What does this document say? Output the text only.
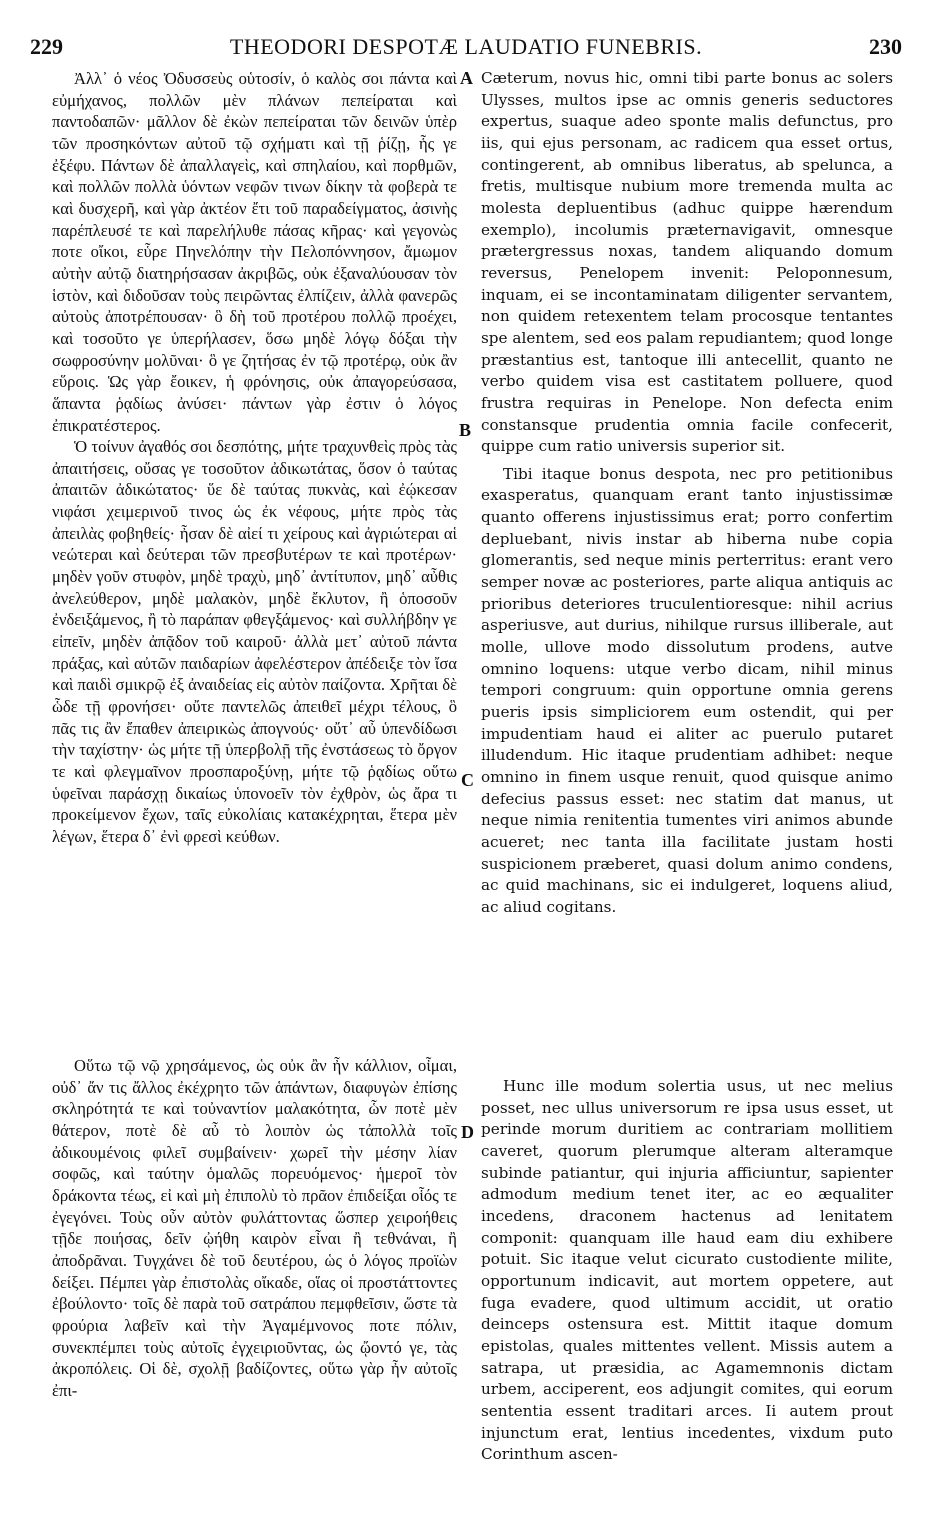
229	THEODORI DESPOTÆ LAUDATIO FUNEBRIS.	230

Ἀλλ᾿ ὁ νέος Ὀδυσσεὺς οὑτοσίν, ὁ καλὸς σοι πάντα καὶ εὐμήχανος, πολλῶν μὲν πλάνων πεπείραται καὶ παντοδαπῶν· μᾶλλον δὲ ἐκὼν πεπείραται τῶν δεινῶν ὑπὲρ τῶν προσηκόντων αὐτοῦ τῷ σχήματι καὶ τῇ ῥίζῃ, ἧς γε ἐξέφυ. Πάντων δὲ ἀπαλλαγεὶς, καὶ σπηλαίου, καὶ πορθμῶν, καὶ πολλῶν πολλὰ ὑόντων νεφῶν τινων δίκην τὰ φοβερὰ τε καὶ δυσχερῆ, καὶ γὰρ ἀκτέον ἔτι τοῦ παραδείγματος, ἀσινὴς παρέπλευσέ τε καὶ παρελήλυθε πάσας κῆρας· καὶ γεγονὼς ποτε οἴκοι, εὗρε Πηνελόπην τὴν Πελοπόννησον, ἄμωμον αὐτὴν αὐτῷ διατηρήσασαν ἀκριβῶς, οὐκ ἐξαναλύουσαν τὸν ἱστὸν, καὶ διδοῦσαν τοὺς πειρῶντας ἐλπίζειν, ἀλλὰ φανερῶς αὐτοὺς ἀποτρέπουσαν· ὃ δὴ τοῦ προτέρου πολλῷ προέχει, καὶ τοσοῦτο γε ὑπερήλασεν, ὅσω μηδὲ λόγῳ δόξαι τὴν σωφροσύνην μολῦναι· ὃ γε ζητήσας ἐν τῷ προτέρῳ, οὐκ ἂν εὕροις. Ὡς γὰρ ἔοικεν, ἡ φρόνησις, οὐκ ἀπαγορεύσασα, ἅπαντα ῥᾳδίως ἀνύσει· πάντων γὰρ ἐστιν ὁ λόγος ἐπικρατέστερος.

Ὁ τοίνυν ἀγαθός σοι δεσπότης, μήτε τραχυνθεὶς πρὸς τὰς ἀπαιτήσεις, οὔσας γε τοσοῦτον ἀδικωτάτας, ὅσον ὁ ταύτας ἀπαιτῶν ἀδικώτατος· ὕε δὲ ταύτας πυκνὰς, καὶ ἐῴκεσαν νιφάσι χειμερινοῦ τινος ὡς ἐκ νέφους, μήτε πρὸς τὰς ἀπειλὰς φοβηθείς· ἦσαν δὲ αἰεί τι χείρους καὶ ἀγριώτεραι αἱ νεώτεραι καὶ δεύτεραι τῶν πρεσβυτέρων τε καὶ προτέρων· μηδὲν γοῦν στυφὸν, μηδὲ τραχὺ, μηδ᾿ ἀντίτυπον, μηδ᾿ αὖθις ἀνελεύθερον, μηδὲ μαλακὸν, μηδὲ ἔκλυτον, ἢ ὁποσοῦν ἐνδειξάμενος, ἢ τὸ παράπαν φθεγξάμενος· καὶ συλλήβδην γε εἰπεῖν, μηδὲν ἀπᾷδον τοῦ καιροῦ· ἀλλὰ μετ᾿ αὐτοῦ πάντα πράξας, καὶ αὐτῶν παιδαρίων ἀφελέστερον ἀπέδειξε τὸν ἴσα καὶ παιδὶ σμικρῷ ἐξ ἀναιδείας εἰς αὐτὸν παίζοντα. Χρῆται δὲ ὧδε τῇ φρονήσει· οὔτε παντελῶς ἀπειθεῖ μέχρι τέλους, ὃ πᾶς τις ἂν ἔπαθεν ἀπειρικὼς ἀπογνούς· οὔτ᾿ αὖ ὑπενδίδωσι τὴν ταχίστην· ὡς μήτε τῇ ὑπερβολῇ τῆς ἐνστάσεως τὸ ὄργον τε καὶ φλεγμαῖνον προσπαροξύνῃ, μήτε τῷ ῥᾳδίως οὕτω ὑφεῖναι παράσχῃ δικαίως ὑπονοεῖν τὸν ἐχθρὸν, ὡς ἄρα τι προκείμενον ἔχων, ταῖς εὐκολίαις κατακέχρηται, ἕτερα μὲν λέγων, ἕτερα δ᾿ ἐνὶ φρεσὶ κεύθων.

Οὕτω τῷ νῷ χρησάμενος, ὡς οὐκ ἂν ἦν κάλλιον, οἶμαι, οὐδ᾿ ἄν τις ἄλλος ἐκέχρητο τῶν ἁπάντων, διαφυγὼν ἐπίσης σκληρότητά τε καὶ τοὐναντίον μαλακότητα, ὧν ποτὲ μὲν θάτερον, ποτὲ δὲ αὖ τὸ λοιπὸν ὡς τἀπολλὰ τοῖς ἀδικουμένοις φιλεῖ συμβαίνειν· χωρεῖ τὴν μέσην λίαν σοφῶς, καὶ ταύτην ὁμαλῶς πορευόμενος· ἡμεροῖ τὸν δράκοντα τέως, εἰ καὶ μὴ ἐπιπολὺ τὸ πρᾶον ἐπιδείξαι οἷός τε ἐγεγόνει. Τοὺς οὖν αὐτὸν φυλάττοντας ὥσπερ χειροήθεις τῇδε ποιήσας, δεῖν ᾠήθη καιρὸν εἶναι ἢ τεθνάναι, ἢ ἀποδρᾶναι. Τυγχάνει δὲ τοῦ δευτέρου, ὡς ὁ λόγος προϊὼν δείξει. Πέμπει γὰρ ἐπιστολὰς οἴκαδε, οἵας οἱ προστάττοντες ἐβούλοντο· τοῖς δὲ παρὰ τοῦ σατράπου πεμφθεῖσιν, ὥστε τὰ φρούρια λαβεῖν καὶ τὴν Ἀγαμέμνονος ποτε πόλιν, συνεκπέμπει τοὺς αὐτοῖς ἐγχειριοῦντας, ὡς ᾤοντό γε, τὰς ἀκροπόλεις. Οἱ δὲ, σχολῇ βαδίζοντες, οὕτω γὰρ ἦν αὐτοῖς ἐπι-

A
B
C
D

Cæterum, novus hic, omni tibi parte bonus ac solers Ulysses, multos ipse ac omnis generis seductores expertus, suaque adeo sponte malis defunctus, pro iis, qui ejus personam, ac radicem qua esset ortus, contingerent, ab omnibus liberatus, ab spelunca, a fretis, multisque nubium more tremenda multa ac molesta depluentibus (adhuc quippe hærendum exemplo), incolumis præternavigavit, omnesque prætergressus noxas, tandem aliquando domum reversus, Penelopem invenit: Peloponnesum, inquam, ei se incontaminatam diligenter servantem, non quidem retexentem telam procosque tentantes spe alentem, sed eos palam repudiantem; quod longe præstantius est, tantoque illi antecellit, quanto ne verbo quidem visa est castitatem polluere, quod frustra requiras in Penelope. Non defecta enim constansque prudentia omnia facile confecerit, quippe cum ratio universis superior sit.

Tibi itaque bonus despota, nec pro petitionibus exasperatus, quanquam erant tanto injustissimæ quanto offerens injustissimus erat; porro confertim depluebant, nivis instar ab hiberna nube copia glomerantis, sed neque minis perterritus: erant vero semper novæ ac posteriores, parte aliqua antiquis ac prioribus deteriores truculentioresque: nihil acrius asperiusve, aut durius, nihilque rursus illiberale, aut molle, ullove modo dissolutum prodens, autve omnino loquens: utque verbo dicam, nihil minus tempori congruum: quin opportune omnia gerens pueris ipsis simpliciorem eum ostendit, qui per impudentiam haud ei aliter ac puerulo putaret illudendum. Hic itaque prudentiam adhibet: neque omnino in finem usque renuit, quod quisque animo defecius passus esset: nec statim dat manus, ut neque nimia renitentia tumentes viri animos abunde acueret; nec tanta illa facilitate justam hosti suspicionem præberet, quasi dolum animo condens, ac quid machinans, sic ei indulgeret, loquens aliud, ac aliud cogitans.

Hunc ille modum solertia usus, ut nec melius posset, nec ullus universorum re ipsa usus esset, ut perinde morum duritiem ac contrariam mollitiem caveret, quorum plerumque alteram alteramque subinde patiantur, qui injuria afficiuntur, sapienter admodum medium tenet iter, ac eo æqualiter incedens, draconem hactenus ad lenitatem componit: quanquam ille haud eam diu exhibere potuit. Sic itaque velut cicurato custodiente milite, opportunum indicavit, aut mortem oppetere, aut fuga evadere, quod ultimum accidit, ut oratio deinceps ostensura est. Mittit itaque domum epistolas, quales mittentes vellent. Missis autem a satrapa, ut præsidia, ac Agamemnonis dictam urbem, acciperent, eos adjungit comites, qui eorum sententia essent traditari arces. Ii autem prout injunctum erat, lentius incedentes, vixdum puto Corinthum ascen-
